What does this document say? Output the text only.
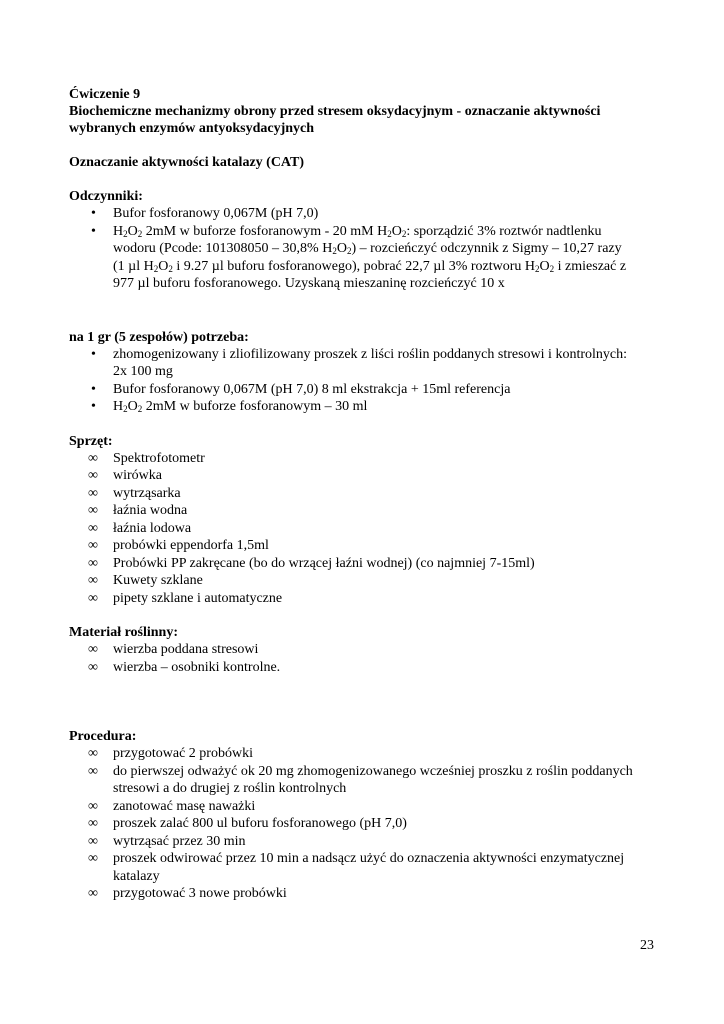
Ćwiczenie 9
Biochemiczne mechanizmy obrony przed stresem oksydacyjnym - oznaczanie aktywności
wybranych enzymów antyoksydacyjnych
Oznaczanie aktywności katalazy (CAT)
Odczynniki:
•	Bufor fosforanowy 0,067M (pH 7,0)
•	$H_2O_2$ 2mM w buforze fosforanowym - 20 mM $H_2O_2$: sporządzić 3% roztwór nadtlenku
wodoru (Pcode: 101308050 – 30,8% $H_2O_2$) – rozcieńczyć odczynnik z Sigmy – 10,27 razy
(1 µl $H_2O_2$ i 9.27 µl buforu fosforanowego), pobrać 22,7 µl 3% roztworu $H_2O_2$ i zmieszać z
977 µl buforu fosforanowego. Uzyskaną mieszaninę rozcieńczyć 10 x
na 1 gr (5 zespołów) potrzeba:
•	zhomogenizowany i zliofilizowany proszek z liści roślin poddanych stresowi i kontrolnych:
2x 100 mg
•	Bufor fosforanowy 0,067M (pH 7,0) 8 ml ekstrakcja + 15ml referencja
•	$H_2O_2$ 2mM w buforze fosforanowym – 30 ml
Sprzęt:
∞	Spektrofotometr
∞	wirówka
∞	wytrząsarka
∞	łaźnia wodna
∞	łaźnia lodowa
∞	probówki eppendorfa 1,5ml
∞	Probówki PP zakręcane (bo do wrzącej łaźni wodnej) (co najmniej 7-15ml)
∞	Kuwety szklane
∞	pipety szklane i automatyczne
Materiał roślinny:
∞	wierzba poddana stresowi
∞	wierzba – osobniki kontrolne.
Procedura:
∞	przygotować 2 probówki
∞	do pierwszej odważyć ok 20 mg zhomogenizowanego wcześniej proszku z roślin poddanych
stresowi a do drugiej z roślin kontrolnych
∞	zanotować masę naważki
∞	proszek zalać 800 ul buforu fosforanowego (pH 7,0)
∞	wytrząsać przez 30 min
∞	proszek odwirować przez 10 min a nadsącz użyć do oznaczenia aktywności enzymatycznej
katalazy
∞	przygotować 3 nowe probówki
23
